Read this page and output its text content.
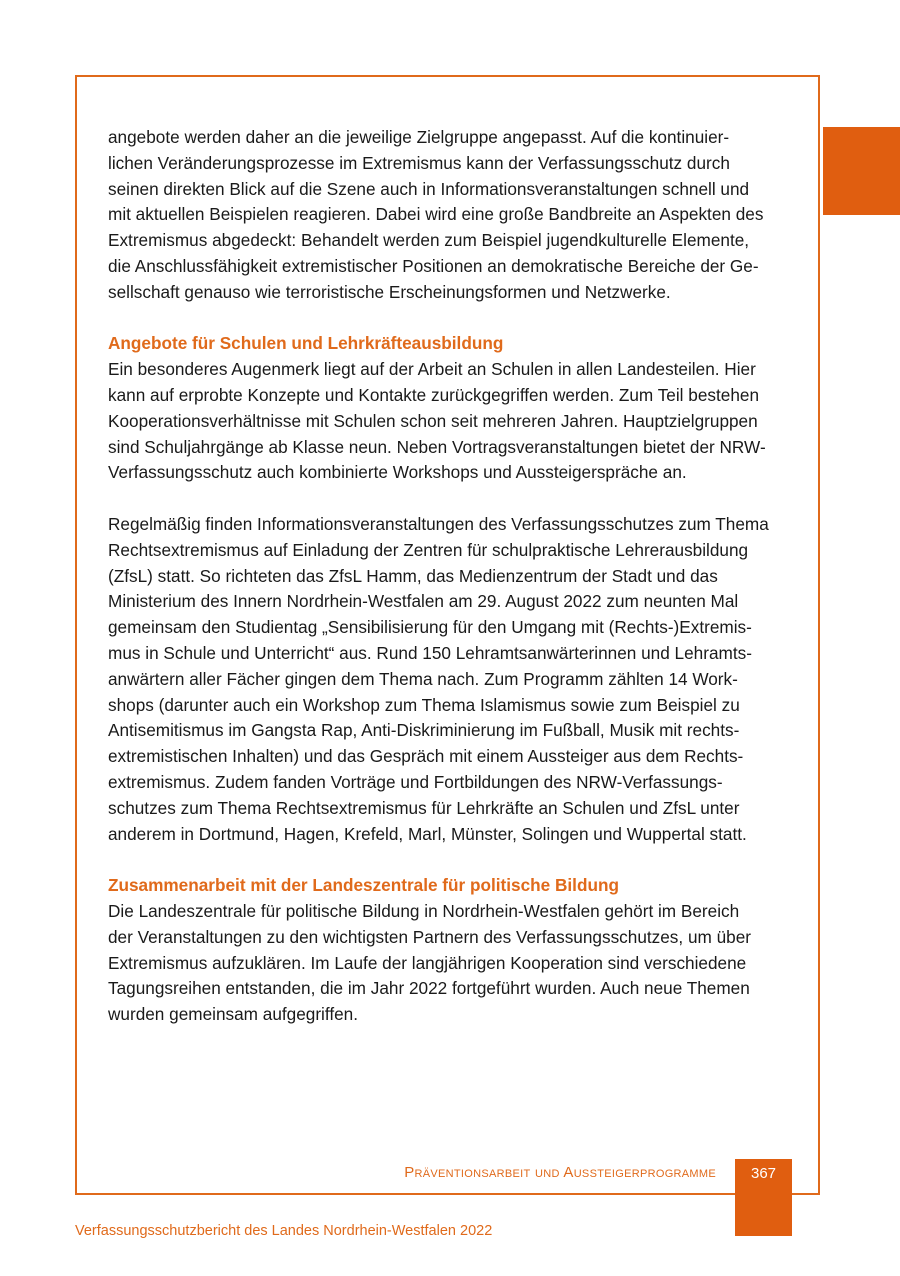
angebote werden daher an die jeweilige Zielgruppe angepasst. Auf die kontinuier-
lichen Veränderungsprozesse im Extremismus kann der Verfassungsschutz durch
seinen direkten Blick auf die Szene auch in Informationsveranstaltungen schnell und
mit aktuellen Beispielen reagieren. Dabei wird eine große Bandbreite an Aspekten des
Extremismus abgedeckt: Behandelt werden zum Beispiel jugendkulturelle Elemente,
die Anschlussfähigkeit extremistischer Positionen an demokratische Bereiche der Ge-
sellschaft genauso wie terroristische Erscheinungsformen und Netzwerke.

Angebote für Schulen und Lehrkräfteausbildung

Ein besonderes Augenmerk liegt auf der Arbeit an Schulen in allen Landesteilen. Hier
kann auf erprobte Konzepte und Kontakte zurückgegriffen werden. Zum Teil bestehen
Kooperationsverhältnisse mit Schulen schon seit mehreren Jahren. Hauptzielgruppen
sind Schuljahrgänge ab Klasse neun. Neben Vortragsveranstaltungen bietet der NRW-
Verfassungsschutz auch kombinierte Workshops und Aussteigerspräche an.

Regelmäßig finden Informationsveranstaltungen des Verfassungsschutzes zum Thema
Rechtsextremismus auf Einladung der Zentren für schulpraktische Lehrerausbildung
(ZfsL) statt. So richteten das ZfsL Hamm, das Medienzentrum der Stadt und das
Ministerium des Innern Nordrhein-Westfalen am 29. August 2022 zum neunten Mal
gemeinsam den Studientag „Sensibilisierung für den Umgang mit (Rechts-)Extremis-
mus in Schule und Unterricht“ aus. Rund 150 Lehramtsanwärterinnen und Lehramts-
anwärtern aller Fächer gingen dem Thema nach. Zum Programm zählten 14 Work-
shops (darunter auch ein Workshop zum Thema Islamismus sowie zum Beispiel zu
Antisemitismus im Gangsta Rap, Anti-Diskriminierung im Fußball, Musik mit rechts-
extremistischen Inhalten) und das Gespräch mit einem Aussteiger aus dem Rechts-
extremismus. Zudem fanden Vorträge und Fortbildungen des NRW-Verfassungs-
schutzes zum Thema Rechtsextremismus für Lehrkräfte an Schulen und ZfsL unter
anderem in Dortmund, Hagen, Krefeld, Marl, Münster, Solingen und Wuppertal statt.

Zusammenarbeit mit der Landeszentrale für politische Bildung

Die Landeszentrale für politische Bildung in Nordrhein-Westfalen gehört im Bereich
der Veranstaltungen zu den wichtigsten Partnern des Verfassungsschutzes, um über
Extremismus aufzuklären. Im Laufe der langjährigen Kooperation sind verschiedene
Tagungsreihen entstanden, die im Jahr 2022 fortgeführt wurden. Auch neue Themen
wurden gemeinsam aufgegriffen.

Präventionsarbeit und Aussteigerprogramme	367
Verfassungsschutzbericht des Landes Nordrhein-Westfalen 2022
